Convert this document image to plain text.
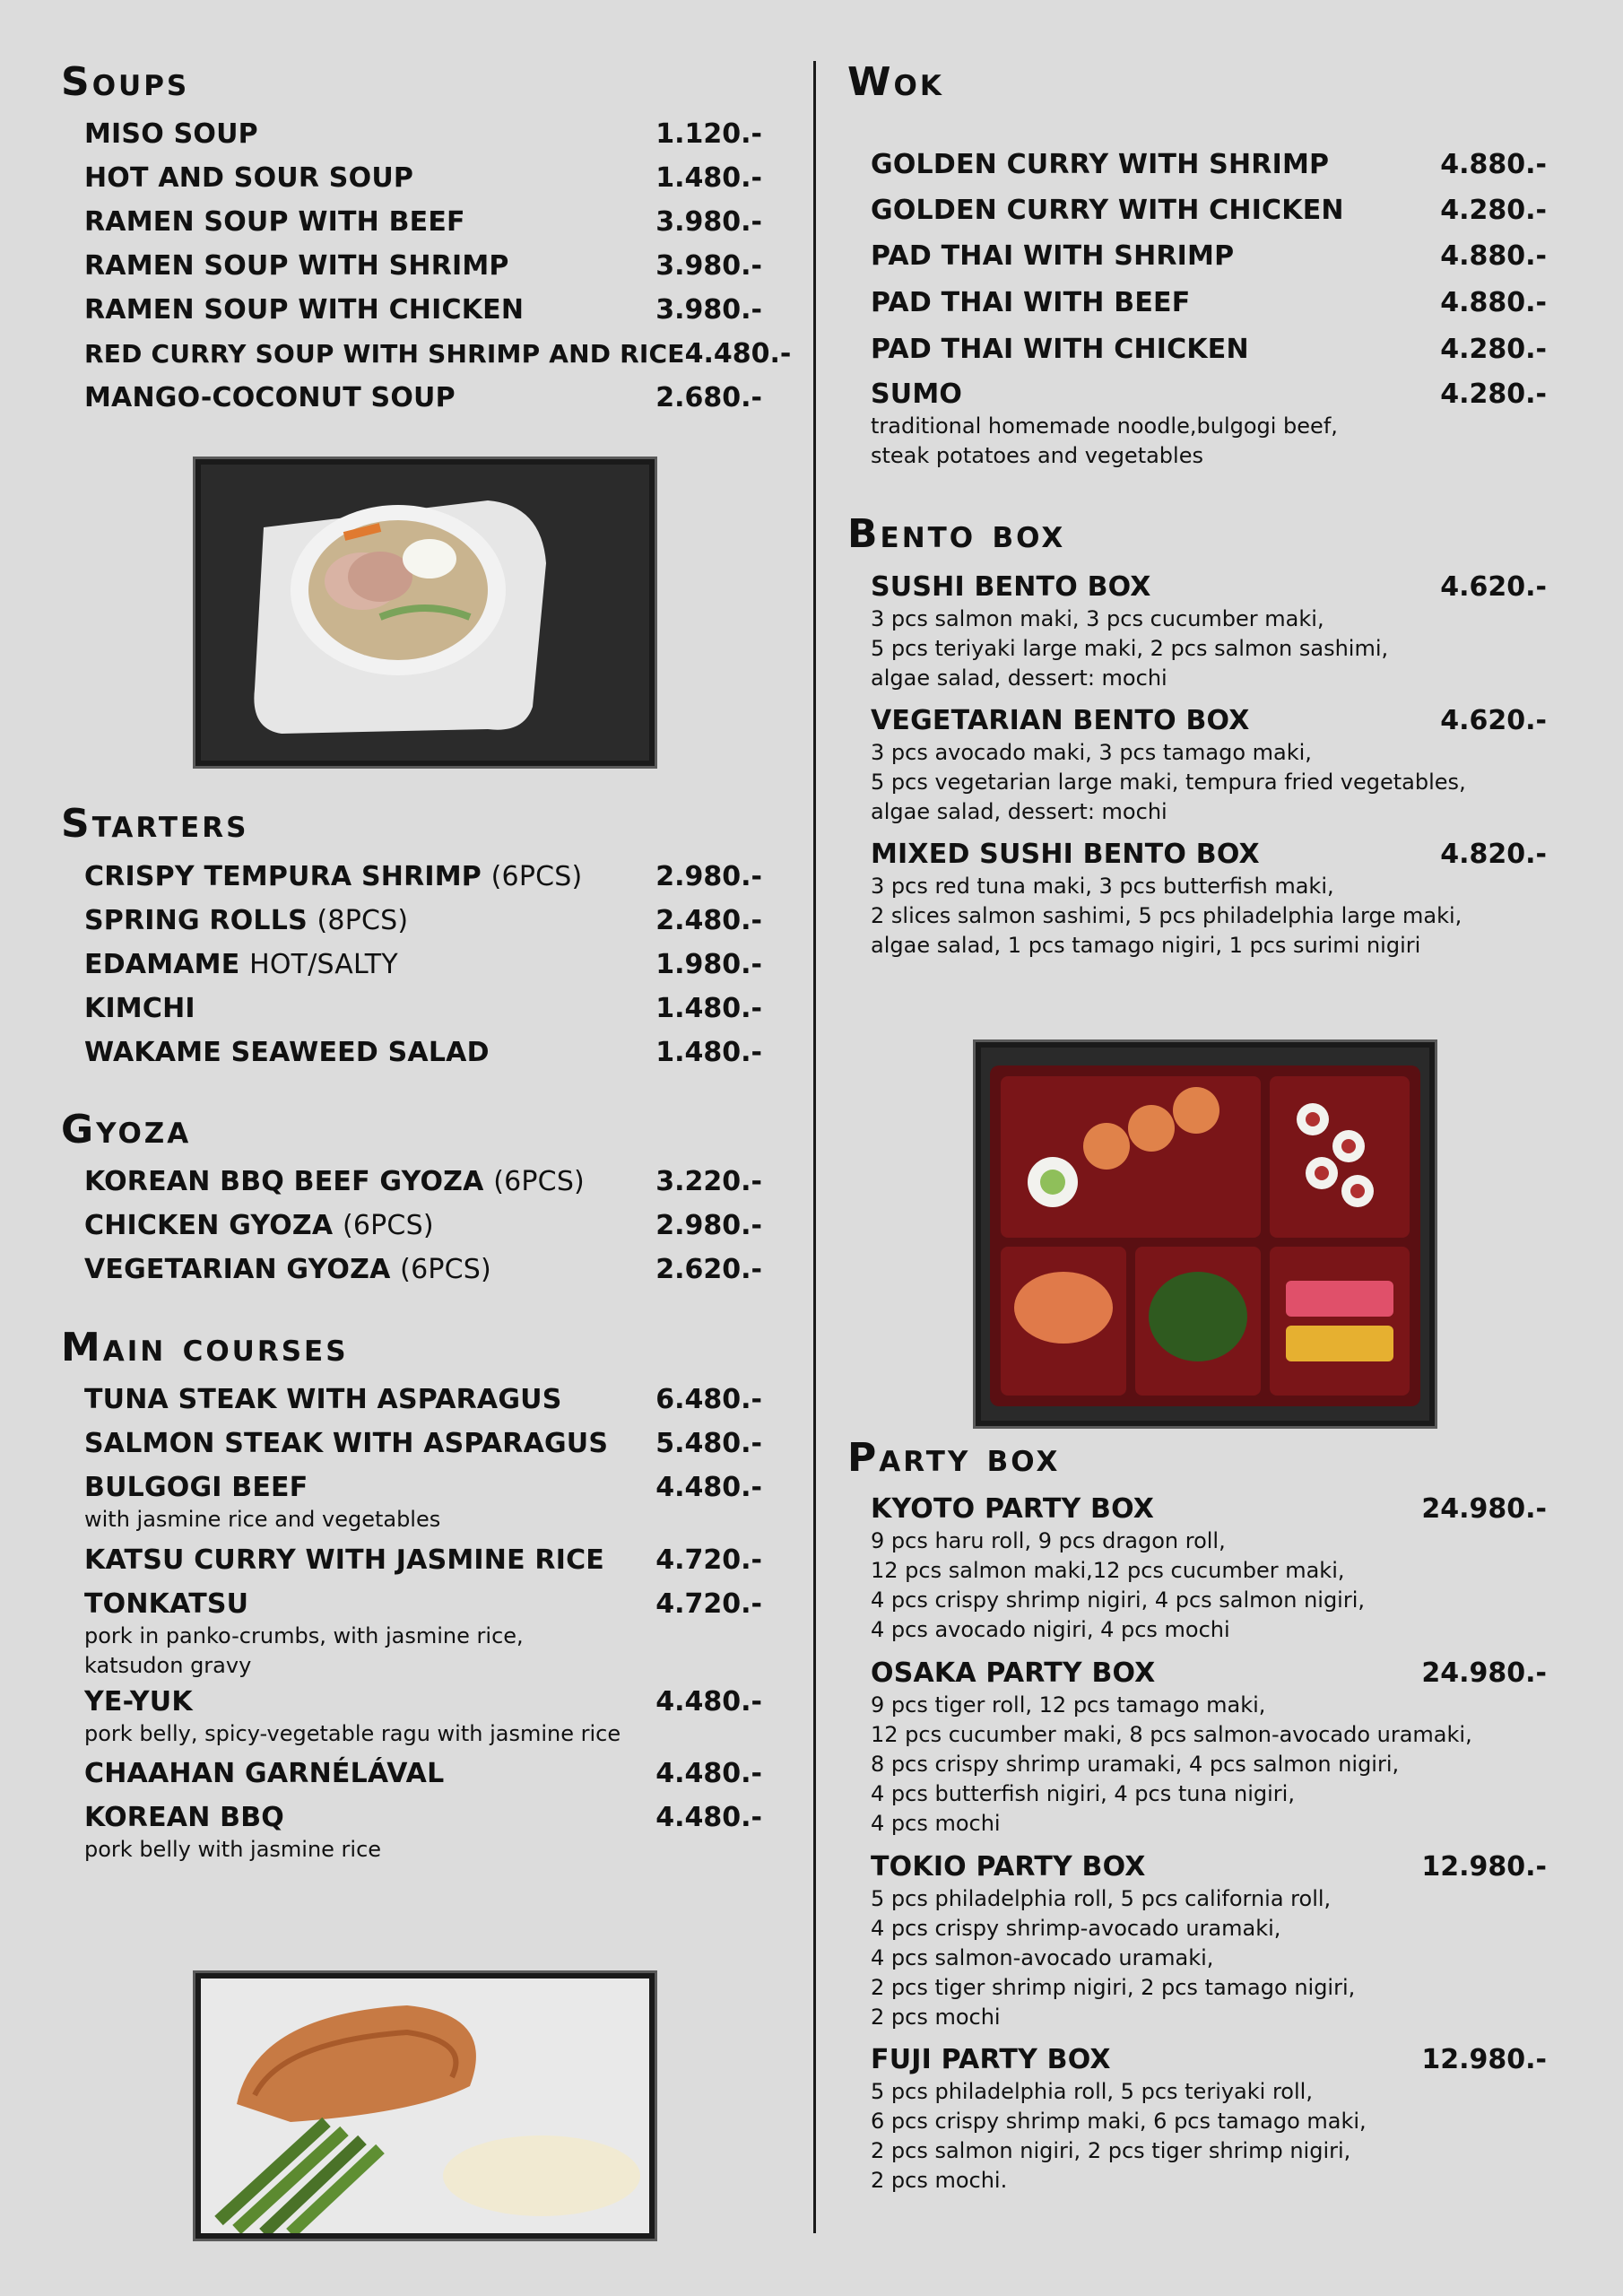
Soups
MISO SOUP	1.120.-
HOT AND SOUR SOUP	1.480.-
RAMEN SOUP WITH BEEF	3.980.-
RAMEN SOUP WITH SHRIMP	3.980.-
RAMEN SOUP WITH CHICKEN	3.980.-
RED CURRY SOUP WITH SHRIMP AND RICE 4.480.-
MANGO-COCONUT SOUP	2.680.-
Starters
CRISPY TEMPURA SHRIMP (6PCS)	2.980.-
SPRING ROLLS (8PCS)	2.480.-
EDAMAME HOT/SALTY	1.980.-
KIMCHI	1.480.-
WAKAME SEAWEED SALAD	1.480.-
Gyoza
KOREAN BBQ BEEF GYOZA (6PCS)	3.220.-
CHICKEN GYOZA (6PCS)	2.980.-
VEGETARIAN GYOZA (6PCS)	2.620.-
Main courses
TUNA STEAK WITH ASPARAGUS	6.480.-
SALMON STEAK WITH ASPARAGUS 5.480.-
BULGOGI BEEF	4.480.-
with jasmine rice and vegetables
KATSU CURRY WITH JASMINE RICE 4.720.-
TONKATSU	4.720.-
pork in panko-crumbs, with jasmine rice,
katsudon gravy
YE-YUK	4.480.-
pork belly, spicy-vegetable ragu with jasmine rice
CHAAHAN GARNÉLÁVAL	4.480.-
KOREAN BBQ	4.480.-
pork belly with jasmine rice
Wok
GOLDEN CURRY WITH SHRIMP	4.880.-
GOLDEN CURRY WITH CHICKEN	4.280.-
PAD THAI WITH SHRIMP	4.880.-
PAD THAI WITH BEEF	4.880.-
PAD THAI WITH CHICKEN	4.280.-
SUMO	4.280.-
traditional homemade noodle,bulgogi beef,
steak potatoes and vegetables
Bento box
SUSHI BENTO BOX	4.620.-
3 pcs salmon maki, 3 pcs cucumber maki,
5 pcs teriyaki large maki, 2 pcs salmon sashimi,
algae salad, dessert: mochi
VEGETARIAN BENTO BOX	4.620.-
3 pcs avocado maki, 3 pcs tamago maki,
5 pcs vegetarian large maki, tempura fried vegetables,
algae salad, dessert: mochi
MIXED SUSHI BENTO BOX	4.820.-
3 pcs red tuna maki, 3 pcs butterfish maki,
2 slices salmon sashimi, 5 pcs philadelphia large maki,
algae salad, 1 pcs tamago nigiri, 1 pcs surimi nigiri
Party box
KYOTO PARTY BOX	24.980.-
9 pcs haru roll, 9 pcs dragon roll,
12 pcs salmon maki,12 pcs cucumber maki,
4 pcs crispy shrimp nigiri, 4 pcs salmon nigiri,
4 pcs avocado nigiri, 4 pcs mochi
OSAKA PARTY BOX	24.980.-
9 pcs tiger roll, 12 pcs tamago maki,
12 pcs cucumber maki, 8 pcs salmon-avocado uramaki,
8 pcs crispy shrimp uramaki, 4 pcs salmon nigiri,
4 pcs butterfish nigiri, 4 pcs tuna nigiri,
4 pcs mochi
TOKIO PARTY BOX	12.980.-
5 pcs philadelphia roll, 5 pcs california roll,
4 pcs crispy shrimp-avocado uramaki,
4 pcs salmon-avocado uramaki,
2 pcs tiger shrimp nigiri, 2 pcs tamago nigiri,
2 pcs mochi
FUJI PARTY BOX	12.980.-
5 pcs philadelphia roll, 5 pcs teriyaki roll,
6 pcs crispy shrimp maki, 6 pcs tamago maki,
2 pcs salmon nigiri, 2 pcs tiger shrimp nigiri,
2 pcs mochi.
